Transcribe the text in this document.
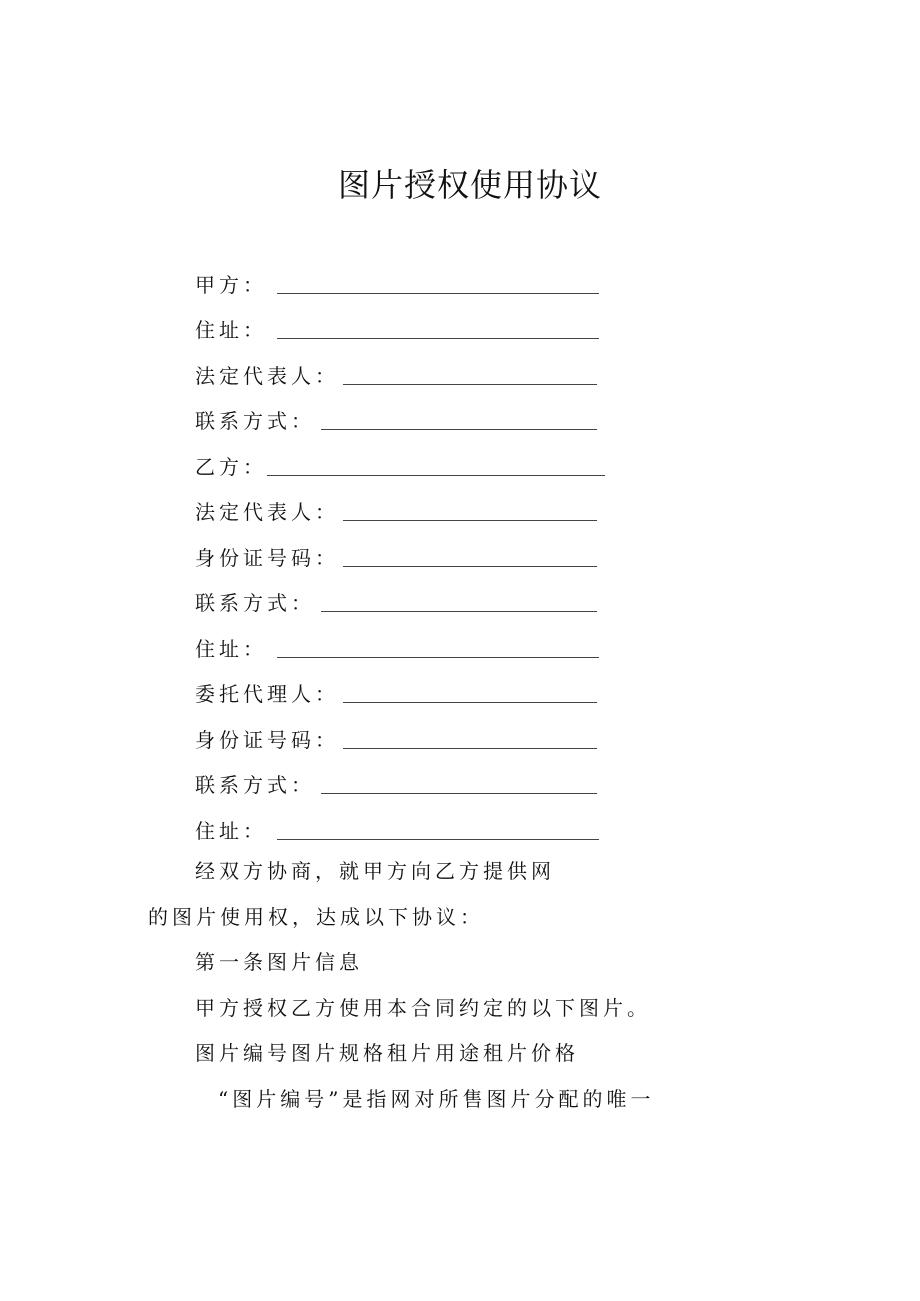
图片授权使用协议
甲方：
住址：
法定代表人：
联系方式：
乙方：
法定代表人：
身份证号码：
联系方式：
住址：
委托代理人：
身份证号码：
联系方式：
住址：
经双方协商，就甲方向乙方提供网
的图片使用权，达成以下协议：
第一条图片信息
甲方授权乙方使用本合同约定的以下图片。
图片编号图片规格租片用途租片价格
“图片编号”是指网对所售图片分配的唯一
